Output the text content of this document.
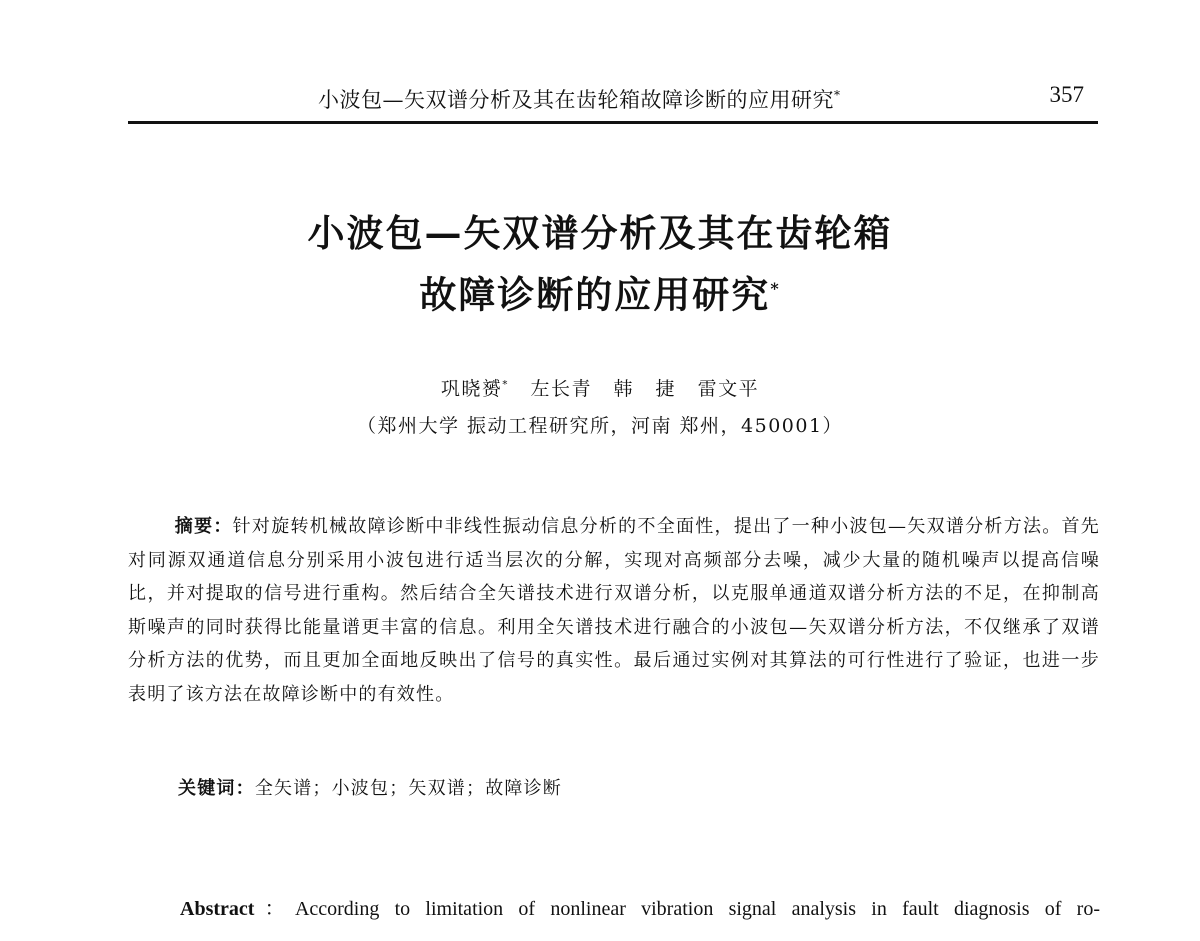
小波包—矢双谱分析及其在齿轮箱故障诊断的应用研究*	357
小波包—矢双谱分析及其在齿轮箱
故障诊断的应用研究*
巩晓赟* 左长青 韩 捷 雷文平
（郑州大学 振动工程研究所，河南 郑州，450001）

摘要：针对旋转机械故障诊断中非线性振动信息分析的不全面性，提出了一种小波包—矢双谱分析方法。首先对同源双通道信息分别采用小波包进行适当层次的分解，实现对高频部分去噪，减少大量的随机噪声以提高信噪比，并对提取的信号进行重构。然后结合全矢谱技术进行双谱分析，以克服单通道双谱分析方法的不足，在抑制高斯噪声的同时获得比能量谱更丰富的信息。利用全矢谱技术进行融合的小波包—矢双谱分析方法，不仅继承了双谱分析方法的优势，而且更加全面地反映出了信号的真实性。最后通过实例对其算法的可行性进行了验证，也进一步表明了该方法在故障诊断中的有效性。

关键词：全矢谱；小波包；矢双谱；故障诊断

Abstract：According to limitation of nonlinear vibration signal analysis in fault diagnosis of ro-
